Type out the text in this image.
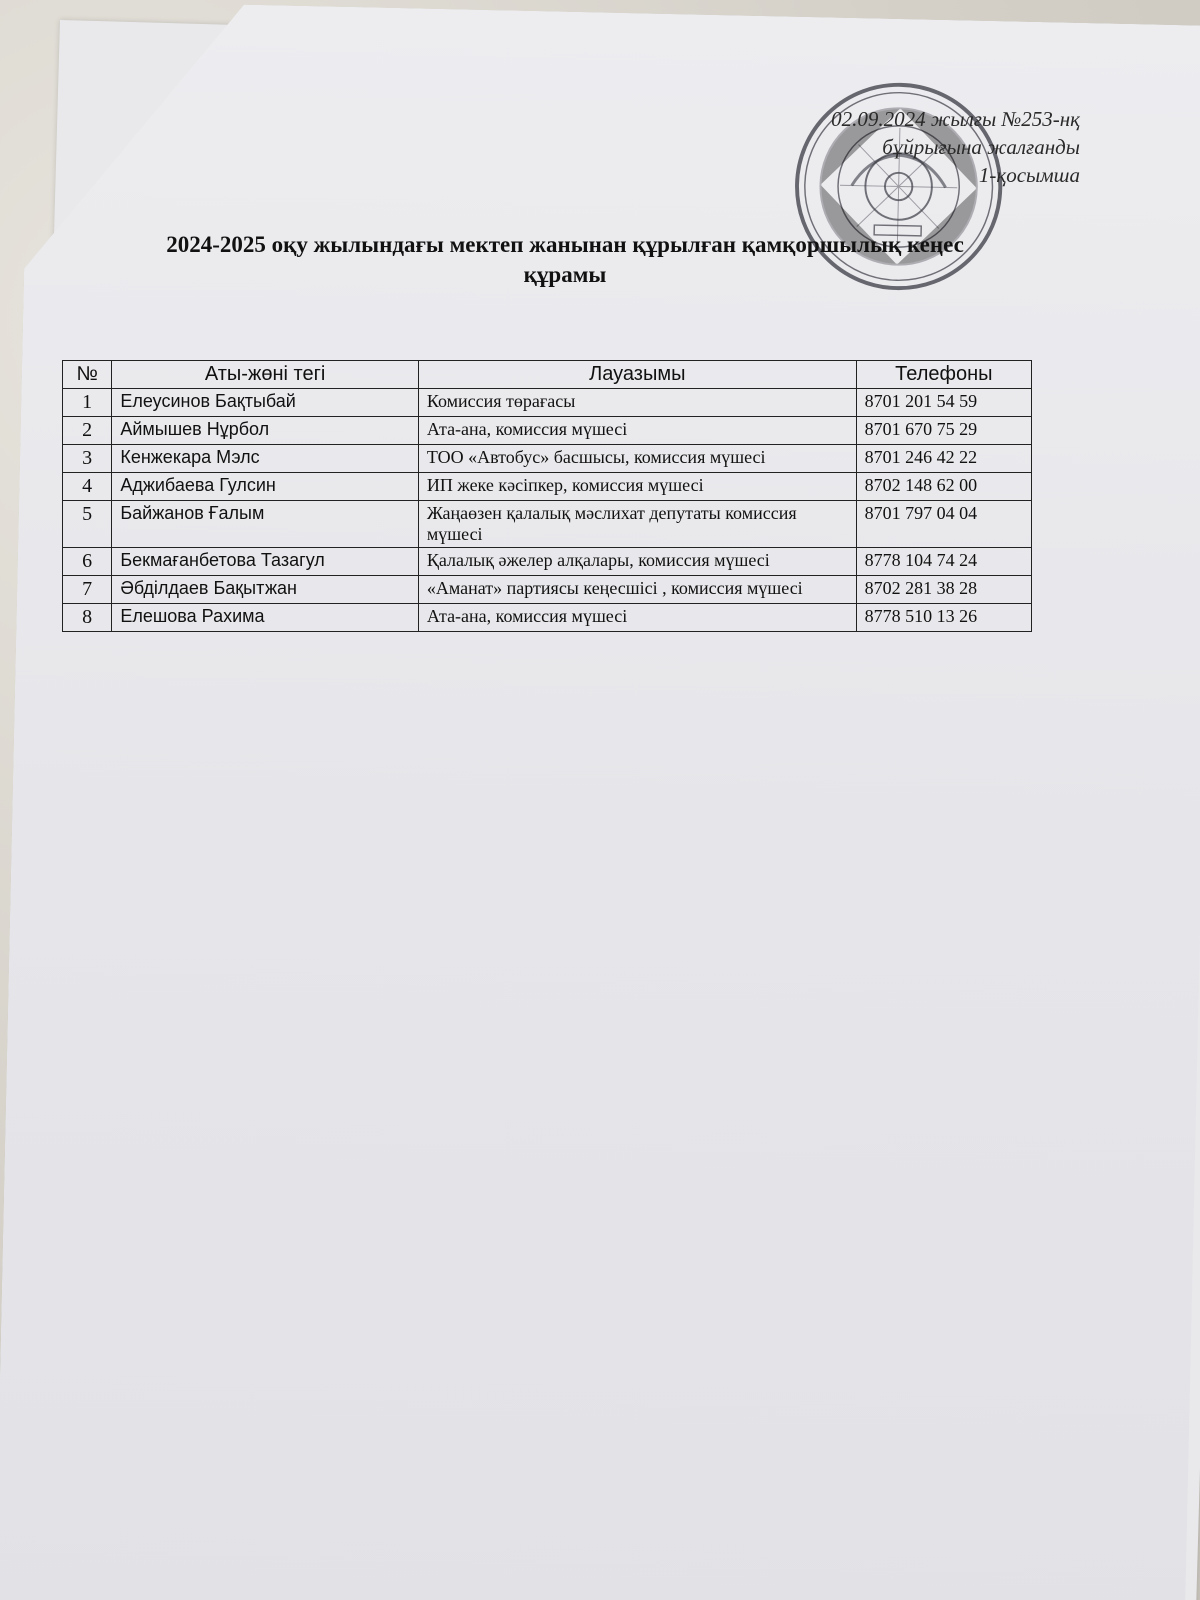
02.09.2024 жылғы №253-нқ
бұйрығына жалғанды
1-қосымша
2024-2025 оқу жылындағы мектеп жанынан құрылған қамқоршылық кеңес
құрамы
№	Аты-жөні тегі	Лауазымы	Телефоны
1	Елеусинов Бақтыбай	Комиссия төрағасы	8701 201 54 59
2	Аймышев Нұрбол	Ата-ана, комиссия мүшесі	8701 670 75 29
3	Кенжекара Мэлс	ТОО «Автобус» басшысы, комиссия мүшесі	8701 246 42 22
4	Аджибаева Гулсин	ИП жеке кәсіпкер, комиссия мүшесі	8702 148 62 00
5	Байжанов Ғалым	Жаңаөзен қалалық мәслихат депутаты комиссия мүшесі	8701 797 04 04
6	Бекмағанбетова Тазагул	Қалалық әжелер алқалары, комиссия мүшесі	8778 104 74 24
7	Әбділдаев Бақытжан	«Аманат» партиясы кеңесшісі , комиссия мүшесі	8702 281 38 28
8	Елешова Рахима	Ата-ана, комиссия мүшесі	8778 510 13 26
